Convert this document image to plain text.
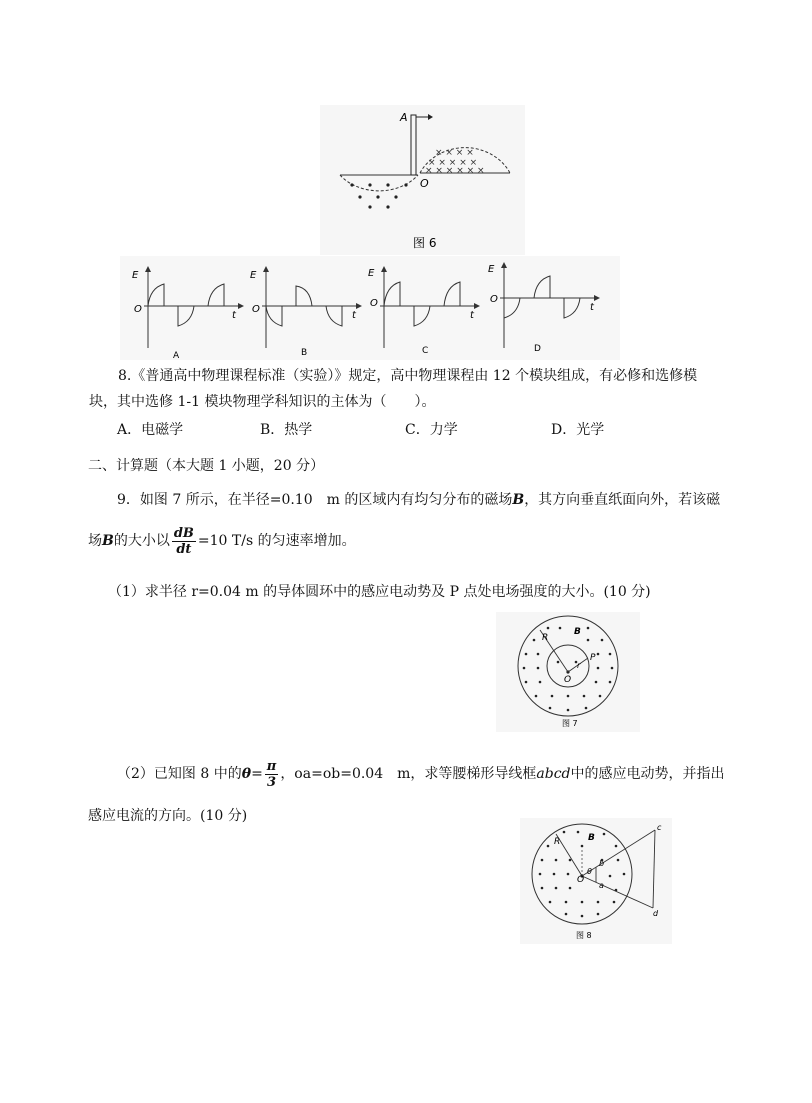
× × × ×
× × × × ×
× × × × × ×
A
O
图 6
E
O
t
A
E
O
t
B
E
O
t
C
E
O
t
D
8.《普通高中物理课程标准（实验）》规定，高中物理课程由 12 个模块组成，有必修和选修模
块，其中选修 1-1 模块物理学科知识的主体为（　　）。
A．电磁学	B．热学	C．力学	D．光学
二、计算题（本大题 1 小题，20 分）
9．如图 7 所示，在半径=0.10　m 的区域内有均匀分布的磁场B，其方向垂直纸面向外，若该磁
场B的大小以 $\frac{dB}{dt} =10$ T/s 的匀速率增加。
（1）求半径 r=0.04 m 的导体圆环中的感应电动势及 P 点处电场强度的大小。(10 分)
R
B
O
r
P
图 7
（2）已知图 8 中的$\theta= \frac{\pi}{3}$ ，oa=ob=0.04　m，求等腰梯形导线框abcd中的感应电动势，并指出
感应电流的方向。(10 分)
R	B
O
b
a
θ
c
d
图 8
